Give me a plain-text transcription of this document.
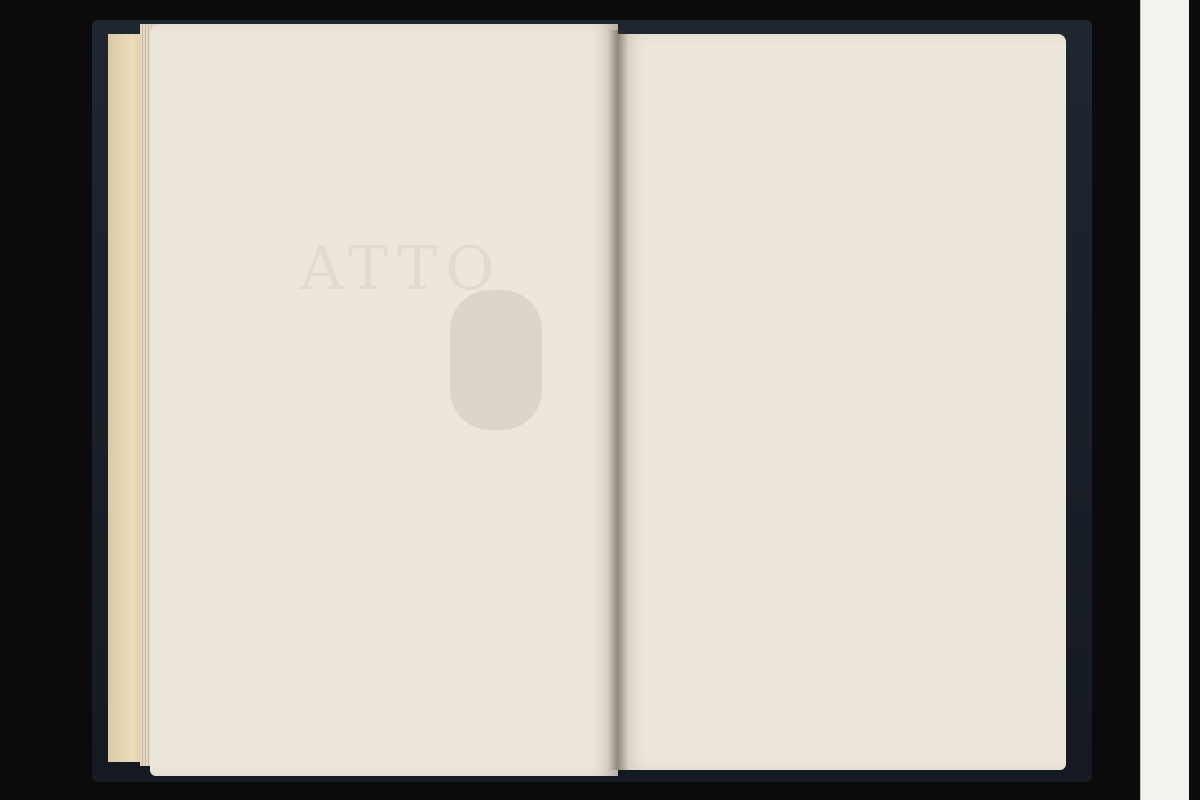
ATTO
